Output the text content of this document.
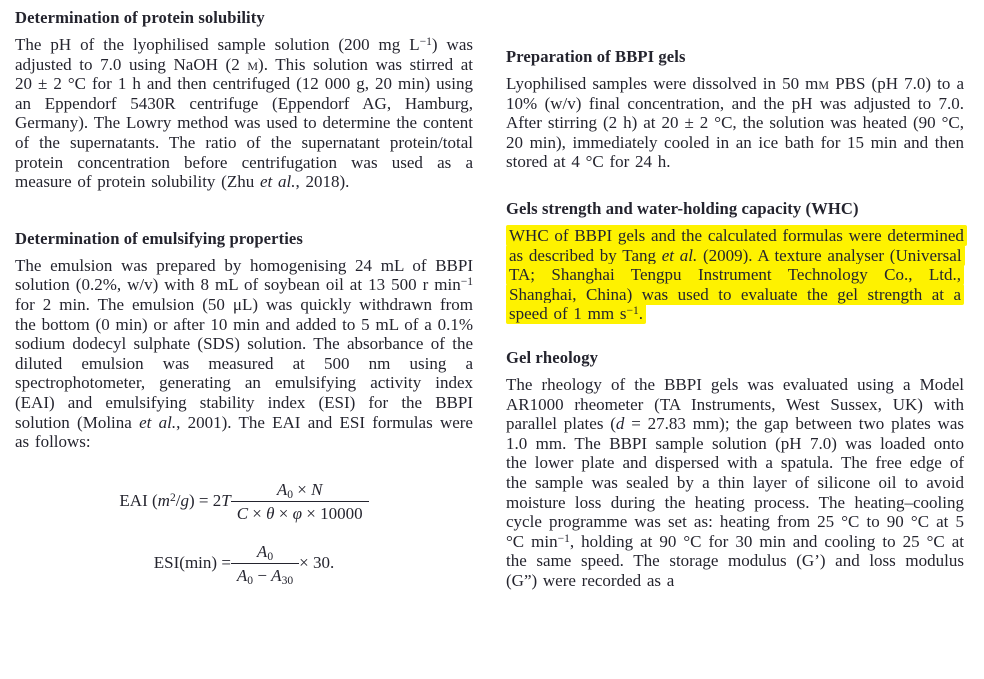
Determination of protein solubility

The pH of the lyophilised sample solution (200 mg $L^{-1}$) was adjusted to 7.0 using NaOH (2 m). This solution was stirred at 20 ± 2 °C for 1 h and then centrifuged (12 000 g, 20 min) using an Eppendorf 5430R centrifuge (Eppendorf AG, Hamburg, Germany). The Lowry method was used to determine the content of the supernatants. The ratio of the supernatant protein/total protein concentration before centrifugation was used as a measure of protein solubility (Zhu et al., 2018).

Determination of emulsifying properties

The emulsion was prepared by homogenising 24 mL of BBPI solution (0.2%, w/v) with 8 mL of soybean oil at 13 500 r $\min^{-1}$ for 2 min. The emulsion (50 μL) was quickly withdrawn from the bottom (0 min) or after 10 min and added to 5 mL of a 0.1% sodium dodecyl sulphate (SDS) solution. The absorbance of the diluted emulsion was measured at 500 nm using a spectrophotometer, generating an emulsifying activity index (EAI) and emulsifying stability index (ESI) for the BBPI solution (Molina et al., 2001). The EAI and ESI formulas were as follows:

EAI $(m^2/g) = 2T \frac{A0 \times N}{C \times \theta \times \varphi \times 10000}$
$ESI(\min) = \frac{A0}{A0 - A30} \times 30$.
Preparation of BBPI gels

Lyophilised samples were dissolved in 50 mm PBS (pH 7.0) to a 10% (w/v) final concentration, and the pH was adjusted to 7.0. After stirring (2 h) at 20 ± 2 °C, the solution was heated (90 °C, 20 min), immediately cooled in an ice bath for 15 min and then stored at 4 °C for 24 h.

Gels strength and water-holding capacity (WHC)

WHC of BBPI gels and the calculated formulas were determined as described by Tang et al. (2009). A texture analyser (Universal TA; Shanghai Tengpu Instrument Technology Co., Ltd., Shanghai, China) was used to evaluate the gel strength at a speed of 1 mm $s^{-1}$.

Gel rheology

The rheology of the BBPI gels was evaluated using a Model AR1000 rheometer (TA Instruments, West Sussex, UK) with parallel plates (d = 27.83 mm); the gap between two plates was 1.0 mm. The BBPI sample solution (pH 7.0) was loaded onto the lower plate and dispersed with a spatula. The free edge of the sample was sealed by a thin layer of silicone oil to avoid moisture loss during the heating process. The heating–cooling cycle programme was set as: heating from 25 °C to 90 °C at 5 °C $\min^{-1}$, holding at 90 °C for 30 min and cooling to 25 °C at the same speed. The storage modulus (G’) and loss modulus (G”) were recorded as a
